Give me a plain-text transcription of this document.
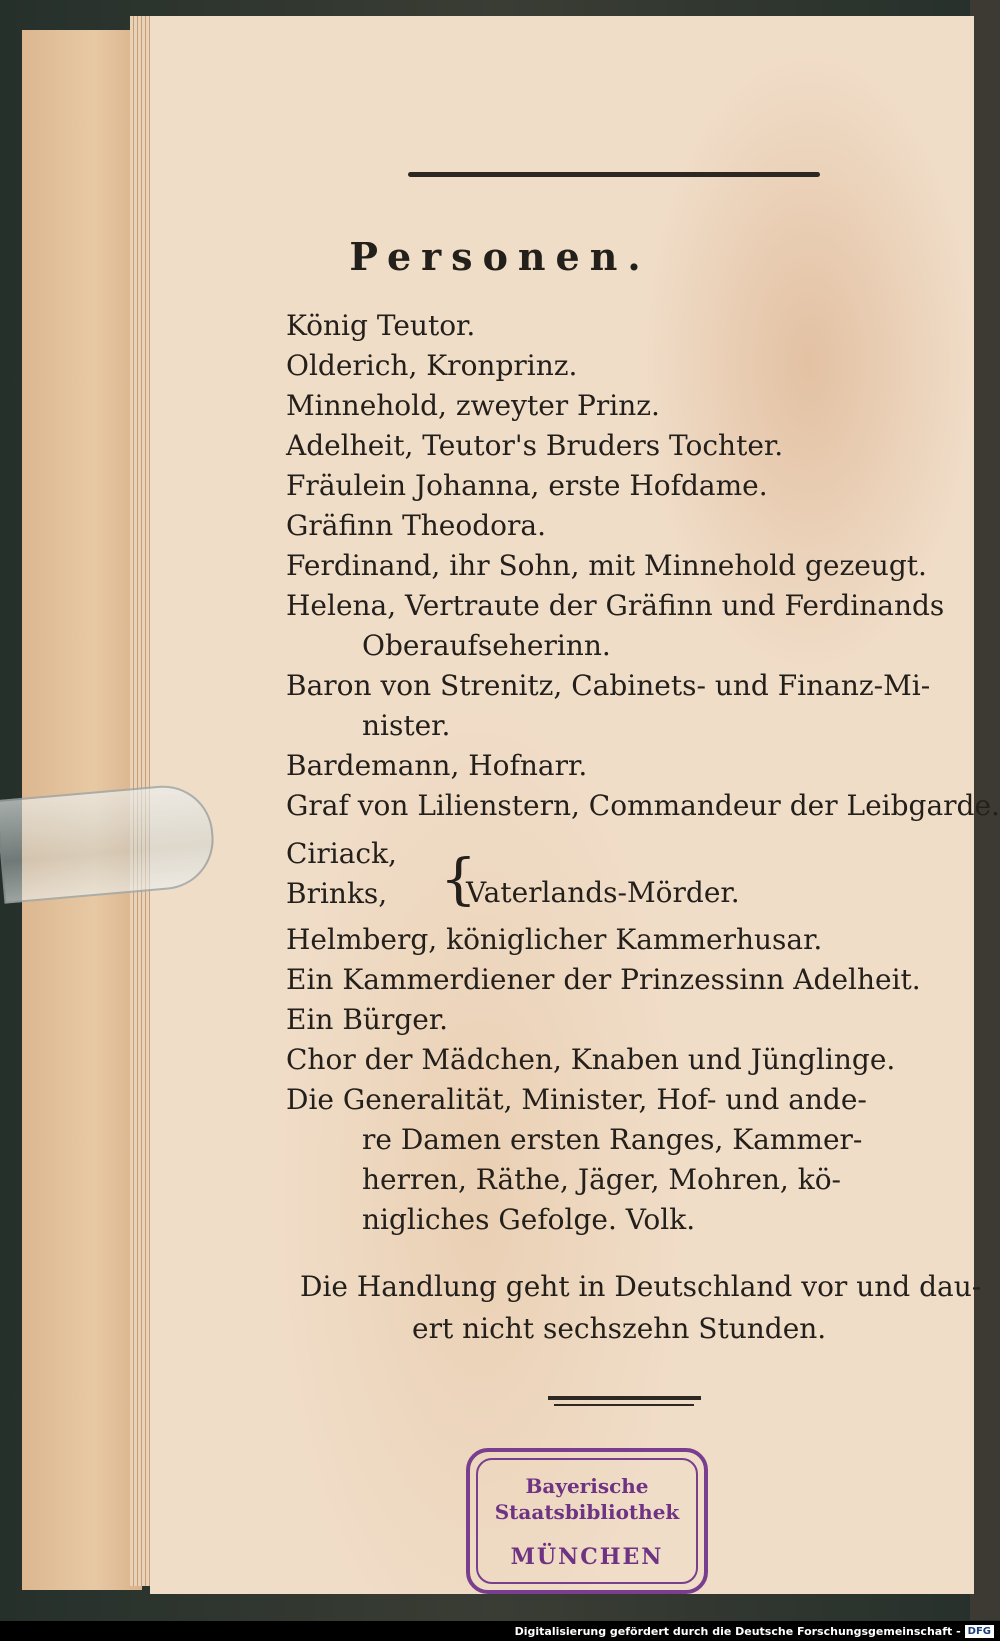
Personen.
König Teutor.
Olderich, Kronprinz.
Minnehold, zweyter Prinz.
Adelheit, Teutor's Bruders Tochter.
Fräulein Johanna, erste Hofdame.
Gräfinn Theodora.
Ferdinand, ihr Sohn, mit Minnehold gezeugt.
Helena, Vertraute der Gräfinn und Ferdinands
Oberaufseherinn.
Baron von Strenitz, Cabinets- und Finanz-Mi-
nister.
Bardemann, Hofnarr.
Graf von Lilienstern, Commandeur der Leibgarde.
Ciriack,
Brinks, {
Vaterlands-Mörder.
Helmberg, königlicher Kammerhusar.
Ein Kammerdiener der Prinzessinn Adelheit.
Ein Bürger.
Chor der Mädchen, Knaben und Jünglinge.
Die Generalität, Minister, Hof- und ande-
re Damen ersten Ranges, Kammer-
herren, Räthe, Jäger, Mohren, kö-
nigliches Gefolge. Volk.
Die Handlung geht in Deutschland vor und dau-
ert nicht sechszehn Stunden.
Bayerische
Staatsbibliothek
MÜNCHEN
Digitalisierung gefördert durch die Deutsche Forschungsgemeinschaft - DFG
